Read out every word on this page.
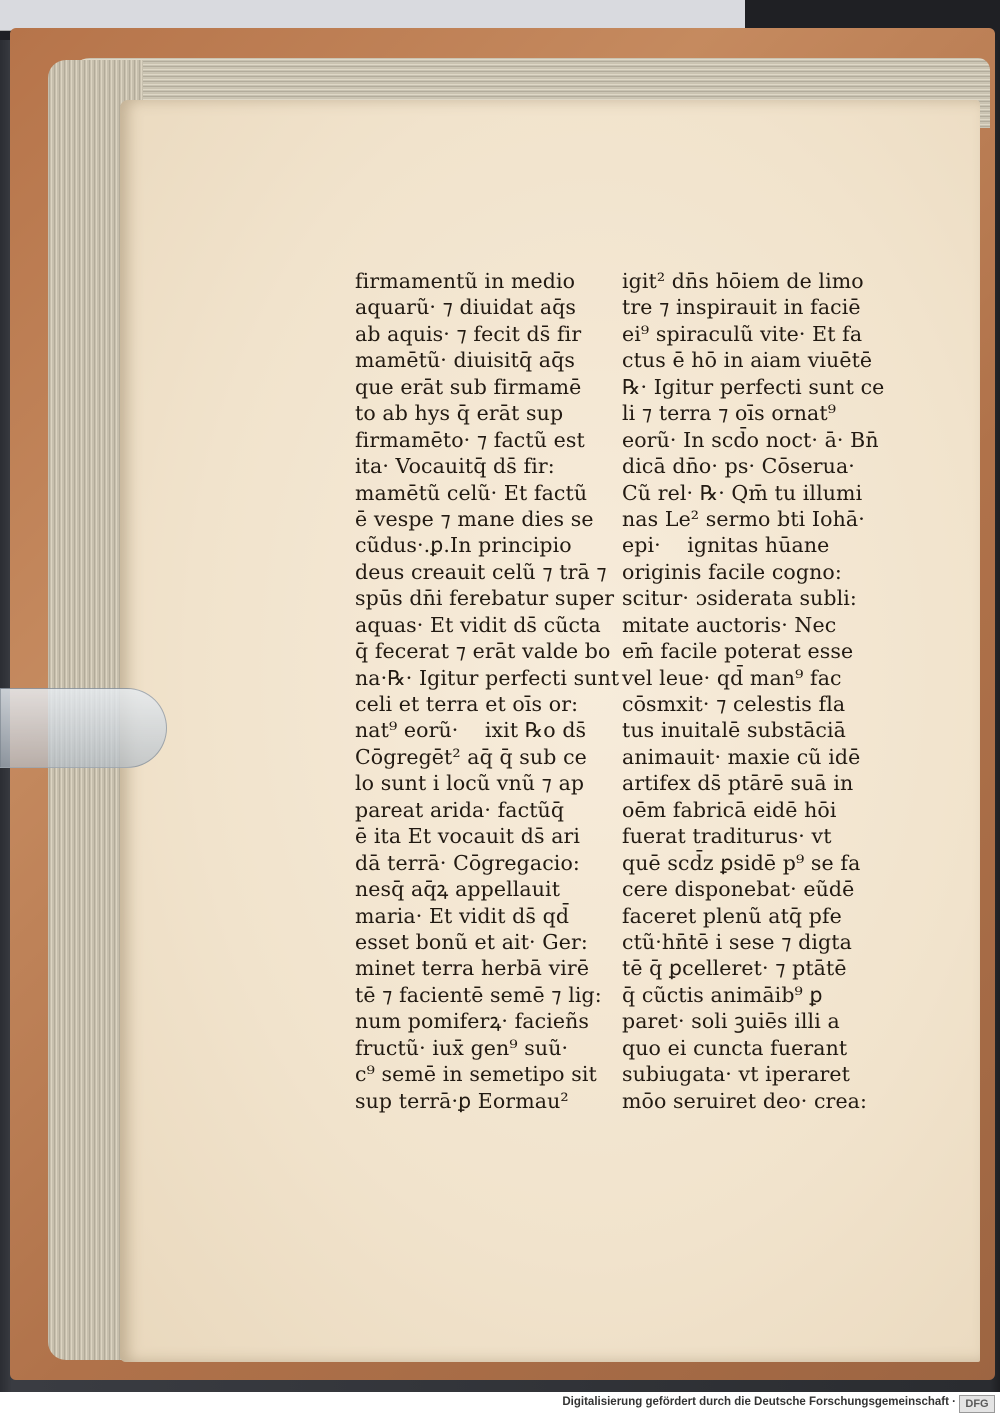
firmamentũ in medio
aquarũ· ⁊ diuidat aq̄s
ab aquis· ⁊ fecit ds̄ fir
mamētũ· diuisitq̄ aq̄s
que erāt sub firmamē
to ab hys q̄ erāt sup
firmamēto· ⁊ factũ est
ita· Vocauitq̄ ds̄ fir:
mamētũ celũ· Et factũ
ē vespe ⁊ mane dies se
cũdus·.ꝑ.In principio
deus creauit celũ ⁊ trā ⁊
spūs dn̄i ferebatur super
aquas· Et vidit ds̄ cũcta
q̄ fecerat ⁊ erāt valde bo
na·℞· Igitur perfecti sunt
celi et terra et oīs or:
nat⁹ eorũ·    ixit ℞o ds̄
Cōgregēt² aq̄ q̄ sub ce
lo sunt i locũ vnũ ⁊ ap
pareat arida· factũq̄
ē ita Et vocauit ds̄ ari
dā terrā· Cōgregacio:
nesq̄ aq̄ꝝ appellauit
maria· Et vidit ds̄ qd̄
esset bonũ et ait· Ger:
minet terra herbā virē
tē ⁊ facientē semē ⁊ lig:
num pomiferꝝ· facieñs
fructũ· iux̄ gen⁹ suũ·
c⁹ semē in semetipo sit
sup terrā·ꝑ Eormau²
igit² dn̄s hōiem de limo
tre ⁊ inspirauit in faciē
ei⁹ spiraculũ vite· Et fa
ctus ē hō in aiam viuētē
℞· Igitur perfecti sunt ce
li ⁊ terra ⁊ oīs ornat⁹
eorũ· In scd̄o noct· ā· Bn̄
dicā dn̄o· ps· Cōserua·
Cũ rel· ℞· Qm̄ tu illumi
nas Le² sermo bti Iohā·
epi·    ignitas hūane
originis facile cogno:
scitur· ɔsiderata subli:
mitate auctoris· Nec
em̄ facile poterat esse
vel leue· qd̄ man⁹ fac
cōsmxit· ⁊ celestis fla
tus inuitalē substāciā
animauit· maxie cũ idē
artifex ds̄ ptārē suā in
oēm fabricā eidē hōi
fuerat traditurus· vt
quē scd̄z ꝑsidē p⁹ se fa
cere disponebat· eũdē
faceret plenũ atq̄ pfe
ctũ·hn̄tē i sese ⁊ digta
tē q̄ ꝑcelleret· ⁊ ptātē
q̄ cũctis animāib⁹ ꝑ
paret· soli ꝫuiēs illi a
quo ei cuncta fuerant
subiugata· vt iperaret
mōo seruiret deo· crea:
Digitalisierung gefördert durch die Deutsche Forschungsgemeinschaft · DFG
